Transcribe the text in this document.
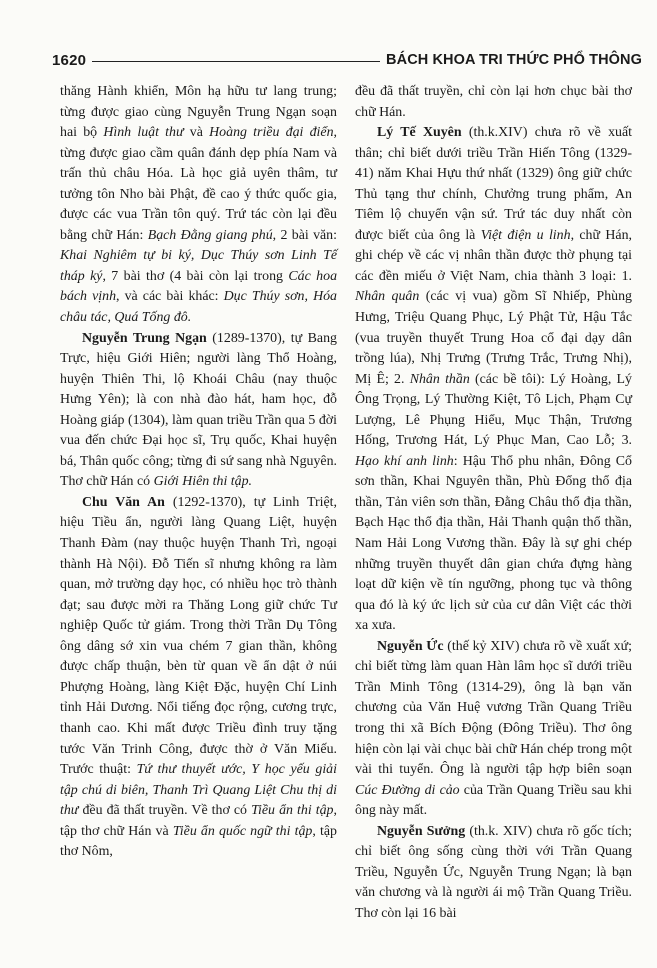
1620	BÁCH KHOA TRI THỨC PHỔ THÔNG

thăng Hành khiển, Môn hạ hữu tư lang trung; từng được giao cùng Nguyễn Trung Ngạn soạn hai bộ Hình luật thư và Hoàng triều đại điển, từng được giao cầm quân đánh dẹp phía Nam và trấn thủ châu Hóa. Là học giả uyên thâm, tư tưởng tôn Nho bài Phật, đề cao ý thức quốc gia, được các vua Trần tôn quý. Trứ tác còn lại đều bằng chữ Hán: Bạch Đằng giang phú, 2 bài văn: Khai Nghiêm tự bi ký, Dục Thúy sơn Linh Tế tháp ký, 7 bài thơ (4 bài còn lại trong Các hoa bách vịnh, và các bài khác: Dục Thúy sơn, Hóa châu tác, Quá Tống đô.

Nguyễn Trung Ngạn (1289-1370), tự Bang Trực, hiệu Giới Hiên; người làng Thổ Hoàng, huyện Thiên Thi, lộ Khoái Châu (nay thuộc Hưng Yên); là con nhà đào hát, ham học, đỗ Hoàng giáp (1304), làm quan triều Trần qua 5 đời vua đến chức Đại học sĩ, Trụ quốc, Khai huyện bá, Thân quốc công; từng đi sứ sang nhà Nguyên. Thơ chữ Hán có Giới Hiên thi tập.

Chu Văn An (1292-1370), tự Linh Triệt, hiệu Tiều ẩn, người làng Quang Liệt, huyện Thanh Đàm (nay thuộc huyện Thanh Trì, ngoại thành Hà Nội). Đỗ Tiến sĩ nhưng không ra làm quan, mở trường dạy học, có nhiều học trò thành đạt; sau được mời ra Thăng Long giữ chức Tư nghiệp Quốc tử giám. Trong thời Trần Dụ Tông ông dâng sớ xin vua chém 7 gian thần, không được chấp thuận, bèn từ quan về ẩn dật ở núi Phượng Hoàng, làng Kiệt Đặc, huyện Chí Linh tỉnh Hải Dương. Nổi tiếng đọc rộng, cương trực, thanh cao. Khi mất được Triều đình truy tặng tước Văn Trinh Công, được thờ ở Văn Miếu. Trước thuật: Tứ thư thuyết ước, Y học yếu giải tập chú di biên, Thanh Trì Quang Liệt Chu thị di thư đều đã thất truyền. Về thơ có Tiều ẩn thi tập, tập thơ chữ Hán và Tiều ẩn quốc ngữ thi tập, tập thơ Nôm,

đều đã thất truyền, chỉ còn lại hơn chục bài thơ chữ Hán.

Lý Tế Xuyên (th.k.XIV) chưa rõ về xuất thân; chỉ biết dưới triều Trần Hiến Tông (1329-41) năm Khai Hựu thứ nhất (1329) ông giữ chức Thủ tạng thư chính, Chưởng trung phẩm, An Tiêm lộ chuyển vận sứ. Trứ tác duy nhất còn được biết của ông là Việt điện u linh, chữ Hán, ghi chép về các vị nhân thần được thờ phụng tại các đền miếu ở Việt Nam, chia thành 3 loại: 1. Nhân quân (các vị vua) gồm Sĩ Nhiếp, Phùng Hưng, Triệu Quang Phục, Lý Phật Tử, Hậu Tắc (vua truyền thuyết Trung Hoa cổ đại dạy dân trồng lúa), Nhị Trưng (Trưng Trắc, Trưng Nhị), Mị Ê; 2. Nhân thần (các bề tôi): Lý Hoàng, Lý Ông Trọng, Lý Thường Kiệt, Tô Lịch, Phạm Cự Lượng, Lê Phụng Hiểu, Mục Thận, Trương Hống, Trương Hát, Lý Phục Man, Cao Lỗ; 3. Hạo khí anh linh: Hậu Thổ phu nhân, Đông Cổ sơn thần, Khai Nguyên thần, Phù Đổng thổ địa thần, Tản viên sơn thần, Đằng Châu thổ địa thần, Bạch Hạc thổ địa thần, Hải Thanh quận thổ thần, Nam Hải Long Vương thần. Đây là sự ghi chép những truyền thuyết dân gian chứa đựng hàng loạt dữ kiện về tín ngưỡng, phong tục và thông qua đó là ký ức lịch sử của cư dân Việt các thời xa xưa.

Nguyễn Ức (thế kỷ XIV) chưa rõ về xuất xứ; chỉ biết từng làm quan Hàn lâm học sĩ dưới triều Trần Minh Tông (1314-29), ông là bạn văn chương của Văn Huệ vương Trần Quang Triều trong thi xã Bích Động (Đông Triều). Thơ ông hiện còn lại vài chục bài chữ Hán chép trong một vài thi tuyển. Ông là người tập hợp biên soạn Cúc Đường di cảo của Trần Quang Triều sau khi ông này mất.

Nguyễn Sưởng (th.k. XIV) chưa rõ gốc tích; chỉ biết ông sống cùng thời với Trần Quang Triều, Nguyễn Ức, Nguyễn Trung Ngạn; là bạn văn chương và là người ái mộ Trần Quang Triều. Thơ còn lại 16 bài
